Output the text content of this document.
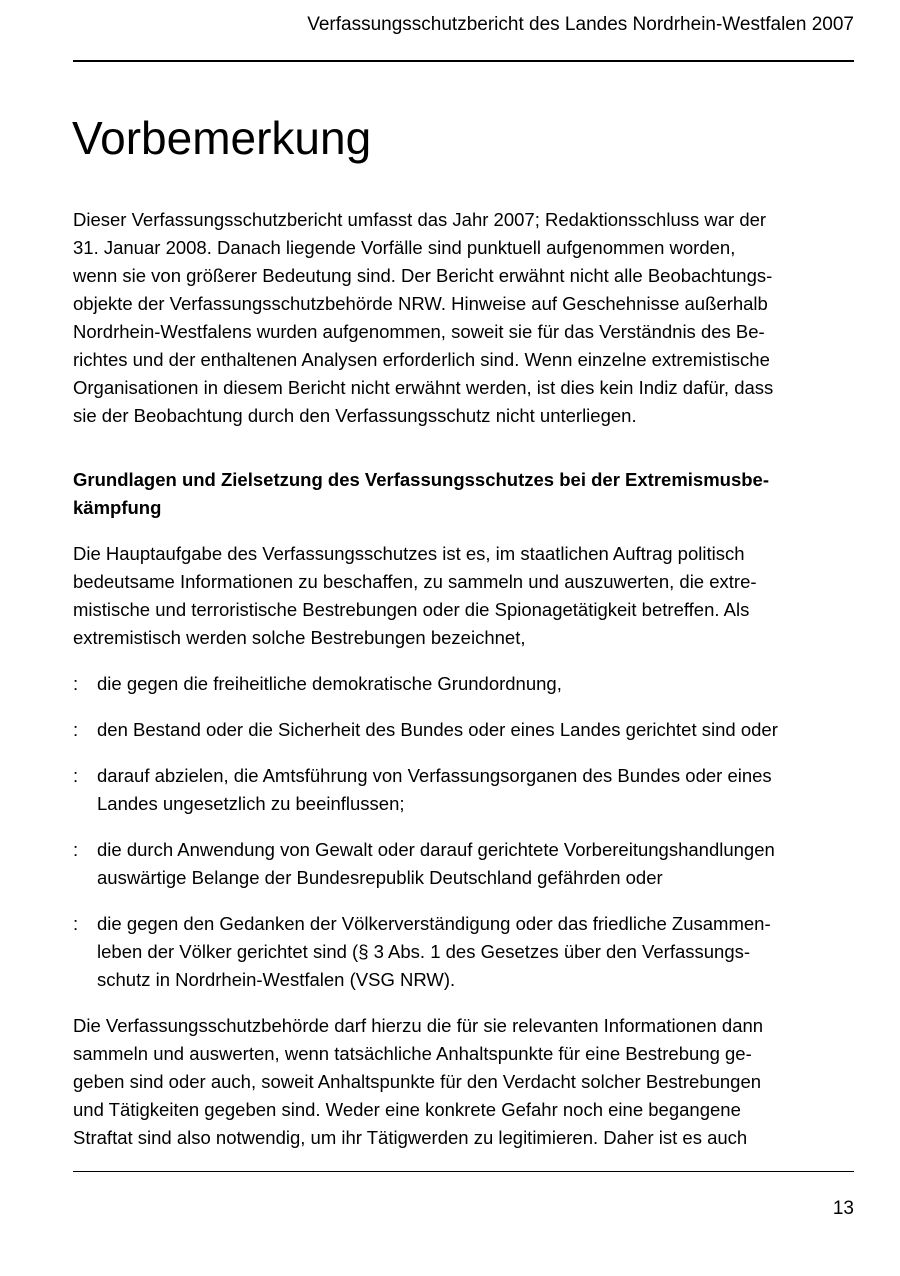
Verfassungsschutzbericht des Landes Nordrhein-Westfalen 2007
Vorbemerkung

Dieser Verfassungsschutzbericht umfasst das Jahr 2007; Redaktionsschluss war der
31. Januar 2008. Danach liegende Vorfälle sind punktuell aufgenommen worden,
wenn sie von größerer Bedeutung sind. Der Bericht erwähnt nicht alle Beobachtungs-
objekte der Verfassungsschutzbehörde NRW. Hinweise auf Geschehnisse außerhalb
Nordrhein-Westfalens wurden aufgenommen, soweit sie für das Verständnis des Be-
richtes und der enthaltenen Analysen erforderlich sind. Wenn einzelne extremistische
Organisationen in diesem Bericht nicht erwähnt werden, ist dies kein Indiz dafür, dass
sie der Beobachtung durch den Verfassungsschutz nicht unterliegen.

Grundlagen und Zielsetzung des Verfassungsschutzes bei der Extremismusbe-
kämpfung

Die Hauptaufgabe des Verfassungsschutzes ist es, im staatlichen Auftrag politisch
bedeutsame Informationen zu beschaffen, zu sammeln und auszuwerten, die extre-
mistische und terroristische Bestrebungen oder die Spionagetätigkeit betreffen. Als
extremistisch werden solche Bestrebungen bezeichnet,

: die gegen die freiheitliche demokratische Grundordnung,
: den Bestand oder die Sicherheit des Bundes oder eines Landes gerichtet sind oder
: darauf abzielen, die Amtsführung von Verfassungsorganen des Bundes oder eines
Landes ungesetzlich zu beeinflussen;
: die durch Anwendung von Gewalt oder darauf gerichtete Vorbereitungshandlungen
auswärtige Belange der Bundesrepublik Deutschland gefährden oder
: die gegen den Gedanken der Völkerverständigung oder das friedliche Zusammen-
leben der Völker gerichtet sind (§ 3 Abs. 1 des Gesetzes über den Verfassungs-
schutz in Nordrhein-Westfalen (VSG NRW).

Die Verfassungsschutzbehörde darf hierzu die für sie relevanten Informationen dann
sammeln und auswerten, wenn tatsächliche Anhaltspunkte für eine Bestrebung ge-
geben sind oder auch, soweit Anhaltspunkte für den Verdacht solcher Bestrebungen
und Tätigkeiten gegeben sind. Weder eine konkrete Gefahr noch eine begangene
Straftat sind also notwendig, um ihr Tätigwerden zu legitimieren. Daher ist es auch

13
